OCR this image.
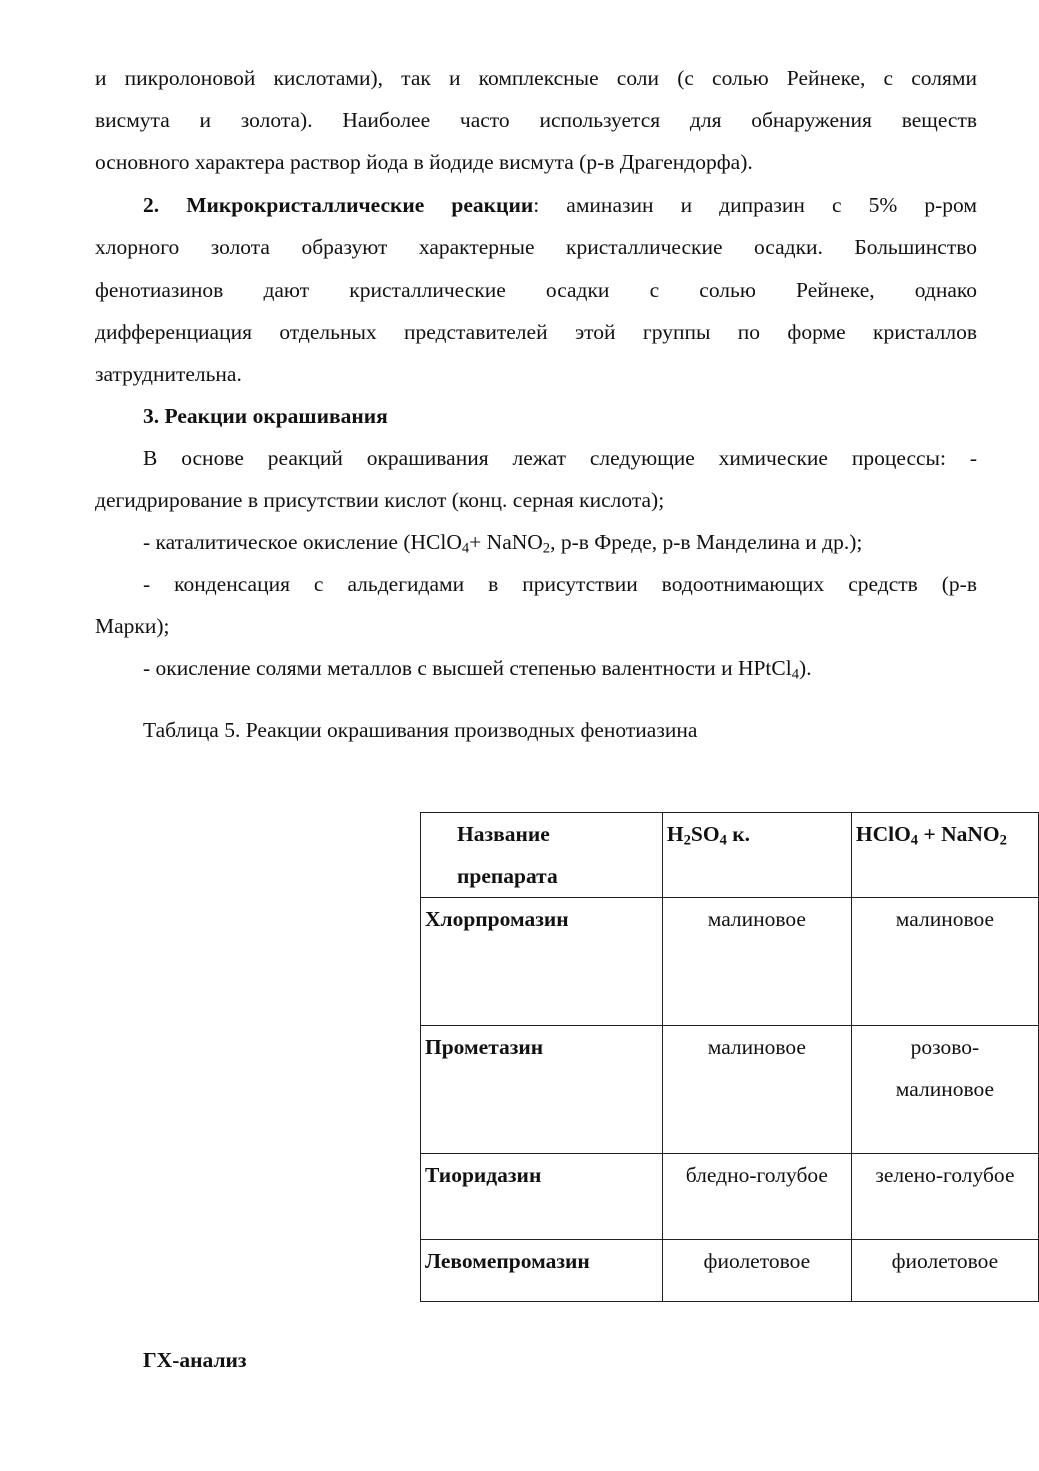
и пикролоновой кислотами), так и комплексные соли (с солью Рейнеке, с солями
висмута и золота). Наиболее часто используется для обнаружения веществ
основного характера раствор йода в йодиде висмута (р-в Драгендорфа).
2. Микрокристаллические реакции: аминазин и дипразин с 5% р-ром
хлорного золота образуют характерные кристаллические осадки. Большинство
фенотиазинов дают кристаллические осадки с солью Рейнеке, однако
дифференциация отдельных представителей этой группы по форме кристаллов
затруднительна.
3. Реакции окрашивания
В основе реакций окрашивания лежат следующие химические процессы: -
дегидрирование в присутствии кислот (конц. серная кислота);
- каталитическое окисление (HClO$_4$+ NaNO$_2$, р-в Фреде, р-в Манделина и др.);
- конденсация с альдегидами в присутствии водоотнимающих средств (р-в
Марки);
- окисление солями металлов с высшей степенью валентности и HPtCl$_4$).
Таблица 5. Реакции окрашивания производных фенотиазина
Название
препарата	$H_2SO_4$ к.	HClO$_4$ + NaNO$_2$
Хлорпромазин	малиновое	малиновое
Прометазин	малиновое	розово-
малиновое
Тиоридазин	бледно-голубое	зелено-голубое
Левомепромазин	фиолетовое	фиолетовое
ГХ-анализ
